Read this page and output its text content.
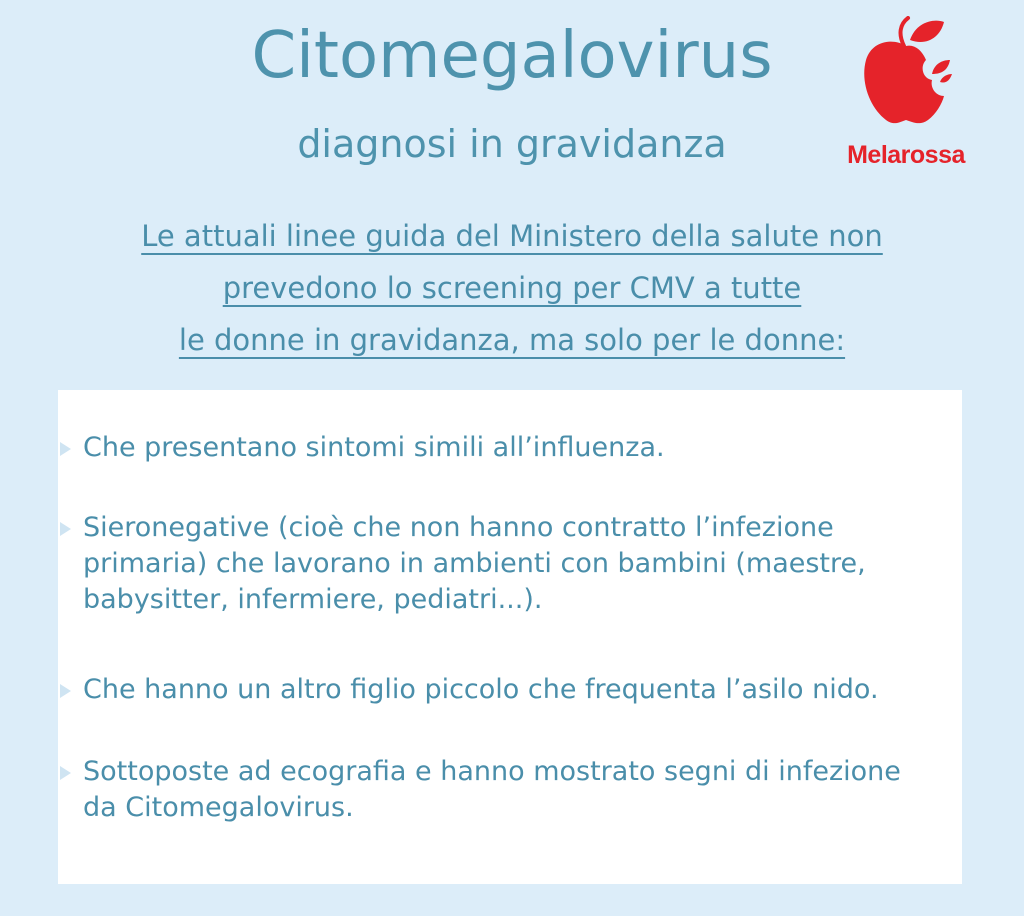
Citomegalovirus
diagnosi in gravidanza	Melarossa
Le attuali linee guida del Ministero della salute non
prevedono lo screening per CMV a tutte
le donne in gravidanza, ma solo per le donne:
Che presentano sintomi simili all’influenza.
Sieronegative (cioè che non hanno contratto l’infezione
primaria) che lavorano in ambienti con bambini (maestre,
babysitter, infermiere, pediatri...).
Che hanno un altro figlio piccolo che frequenta l’asilo nido.
Sottoposte ad ecografia e hanno mostrato segni di infezione
da Citomegalovirus.
